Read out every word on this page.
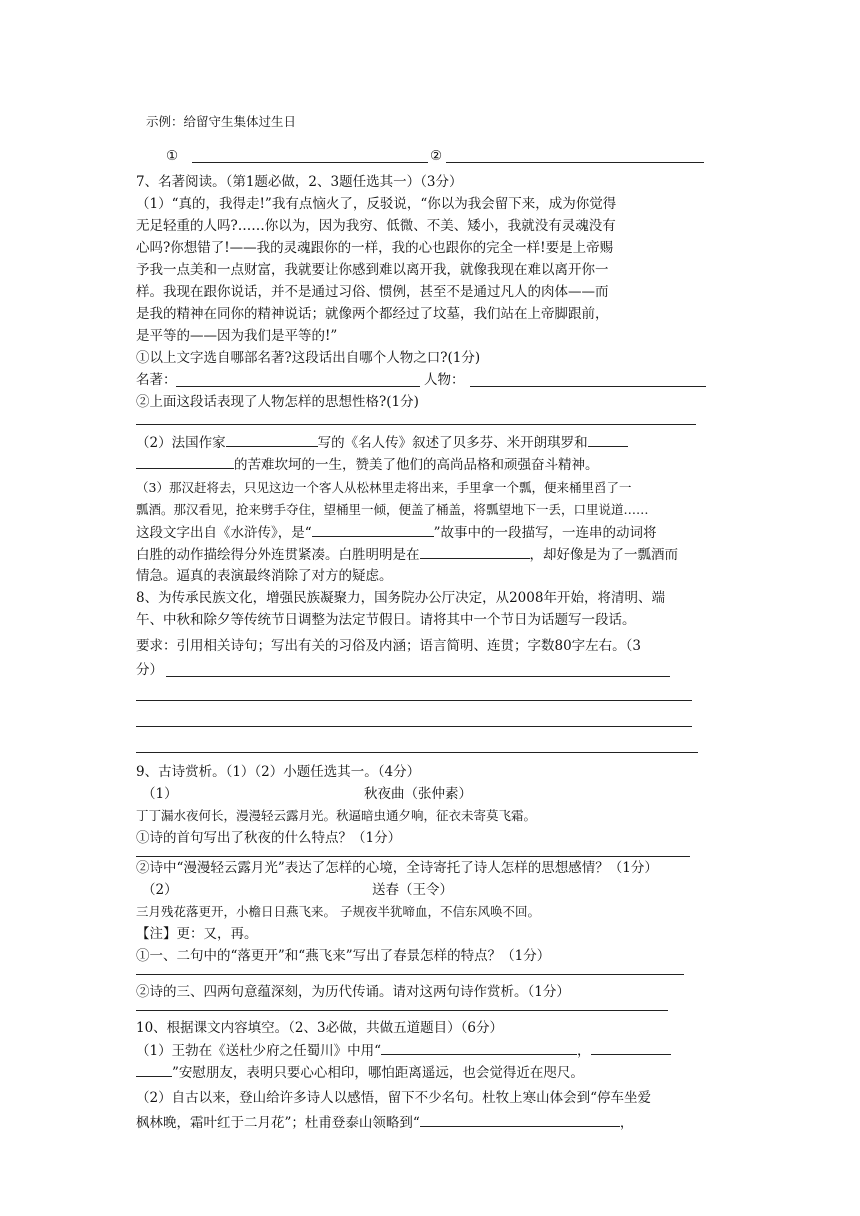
示例：给留守生集体过生日
①	②
7、名著阅读。（第1题必做，2、3题任选其一）（3分）
（1）“真的，我得走!”我有点恼火了，反驳说，“你以为我会留下来，成为你觉得
无足轻重的人吗?……你以为，因为我穷、低微、不美、矮小，我就没有灵魂没有
心吗?你想错了!——我的灵魂跟你的一样，我的心也跟你的完全一样!要是上帝赐
予我一点美和一点财富，我就要让你感到难以离开我，就像我现在难以离开你一
样。我现在跟你说话，并不是通过习俗、惯例，甚至不是通过凡人的肉体——而
是我的精神在同你的精神说话；就像两个都经过了坟墓，我们站在上帝脚跟前，
是平等的——因为我们是平等的!”
①以上文字选自哪部名著?这段话出自哪个人物之口?(1分)
名著：	人物：
②上面这段话表现了人物怎样的思想性格?(1分)
（2）法国作家	写的《名人传》叙述了贝多芬、米开朗琪罗和
的苦难坎坷的一生，赞美了他们的高尚品格和顽强奋斗精神。
（3）那汉赶将去，只见这边一个客人从松林里走将出来，手里拿一个瓢，便来桶里舀了一
瓢酒。那汉看见，抢来劈手夺住，望桶里一倾，便盖了桶盖，将瓢望地下一丢，口里说道……
这段文字出自《水浒传》，是“	”故事中的一段描写，一连串的动词将
白胜的动作描绘得分外连贯紧凑。白胜明明是在	，却好像是为了一瓢酒而
情急。逼真的表演最终消除了对方的疑虑。
8、为传承民族文化，增强民族凝聚力，国务院办公厅决定，从2008年开始，将清明、端
午、中秋和除夕等传统节日调整为法定节假日。请将其中一个节日为话题写一段话。
要求：引用相关诗句；写出有关的习俗及内涵；语言简明、连贯；字数80字左右。（3
分）
9、古诗赏析。（1）（2）小题任选其一。（4分）
（1）	秋夜曲（张仲素）
丁丁漏水夜何长，漫漫轻云露月光。秋逼暗虫通夕响，征衣未寄莫飞霜。
①诗的首句写出了秋夜的什么特点？（1分）
②诗中“漫漫轻云露月光”表达了怎样的心境，全诗寄托了诗人怎样的思想感情？（1分）
（2）	送春（王令）
三月残花落更开，小檐日日燕飞来。 子规夜半犹啼血，不信东风唤不回。
【注】更：又，再。
①一、二句中的“落更开”和“燕飞来”写出了春景怎样的特点？（1分）
②诗的三、四两句意蕴深刻，为历代传诵。请对这两句诗作赏析。（1分）
10、根据课文内容填空。（2、3必做，共做五道题目）（6分）
（1）王勃在《送杜少府之任蜀川》中用“	，
”安慰朋友，表明只要心心相印，哪怕距离遥远，也会觉得近在咫尺。
（2）自古以来，登山给许多诗人以感悟，留下不少名句。杜牧上寒山体会到“停车坐爱
枫林晚，霜叶红于二月花”；杜甫登泰山领略到“	，
